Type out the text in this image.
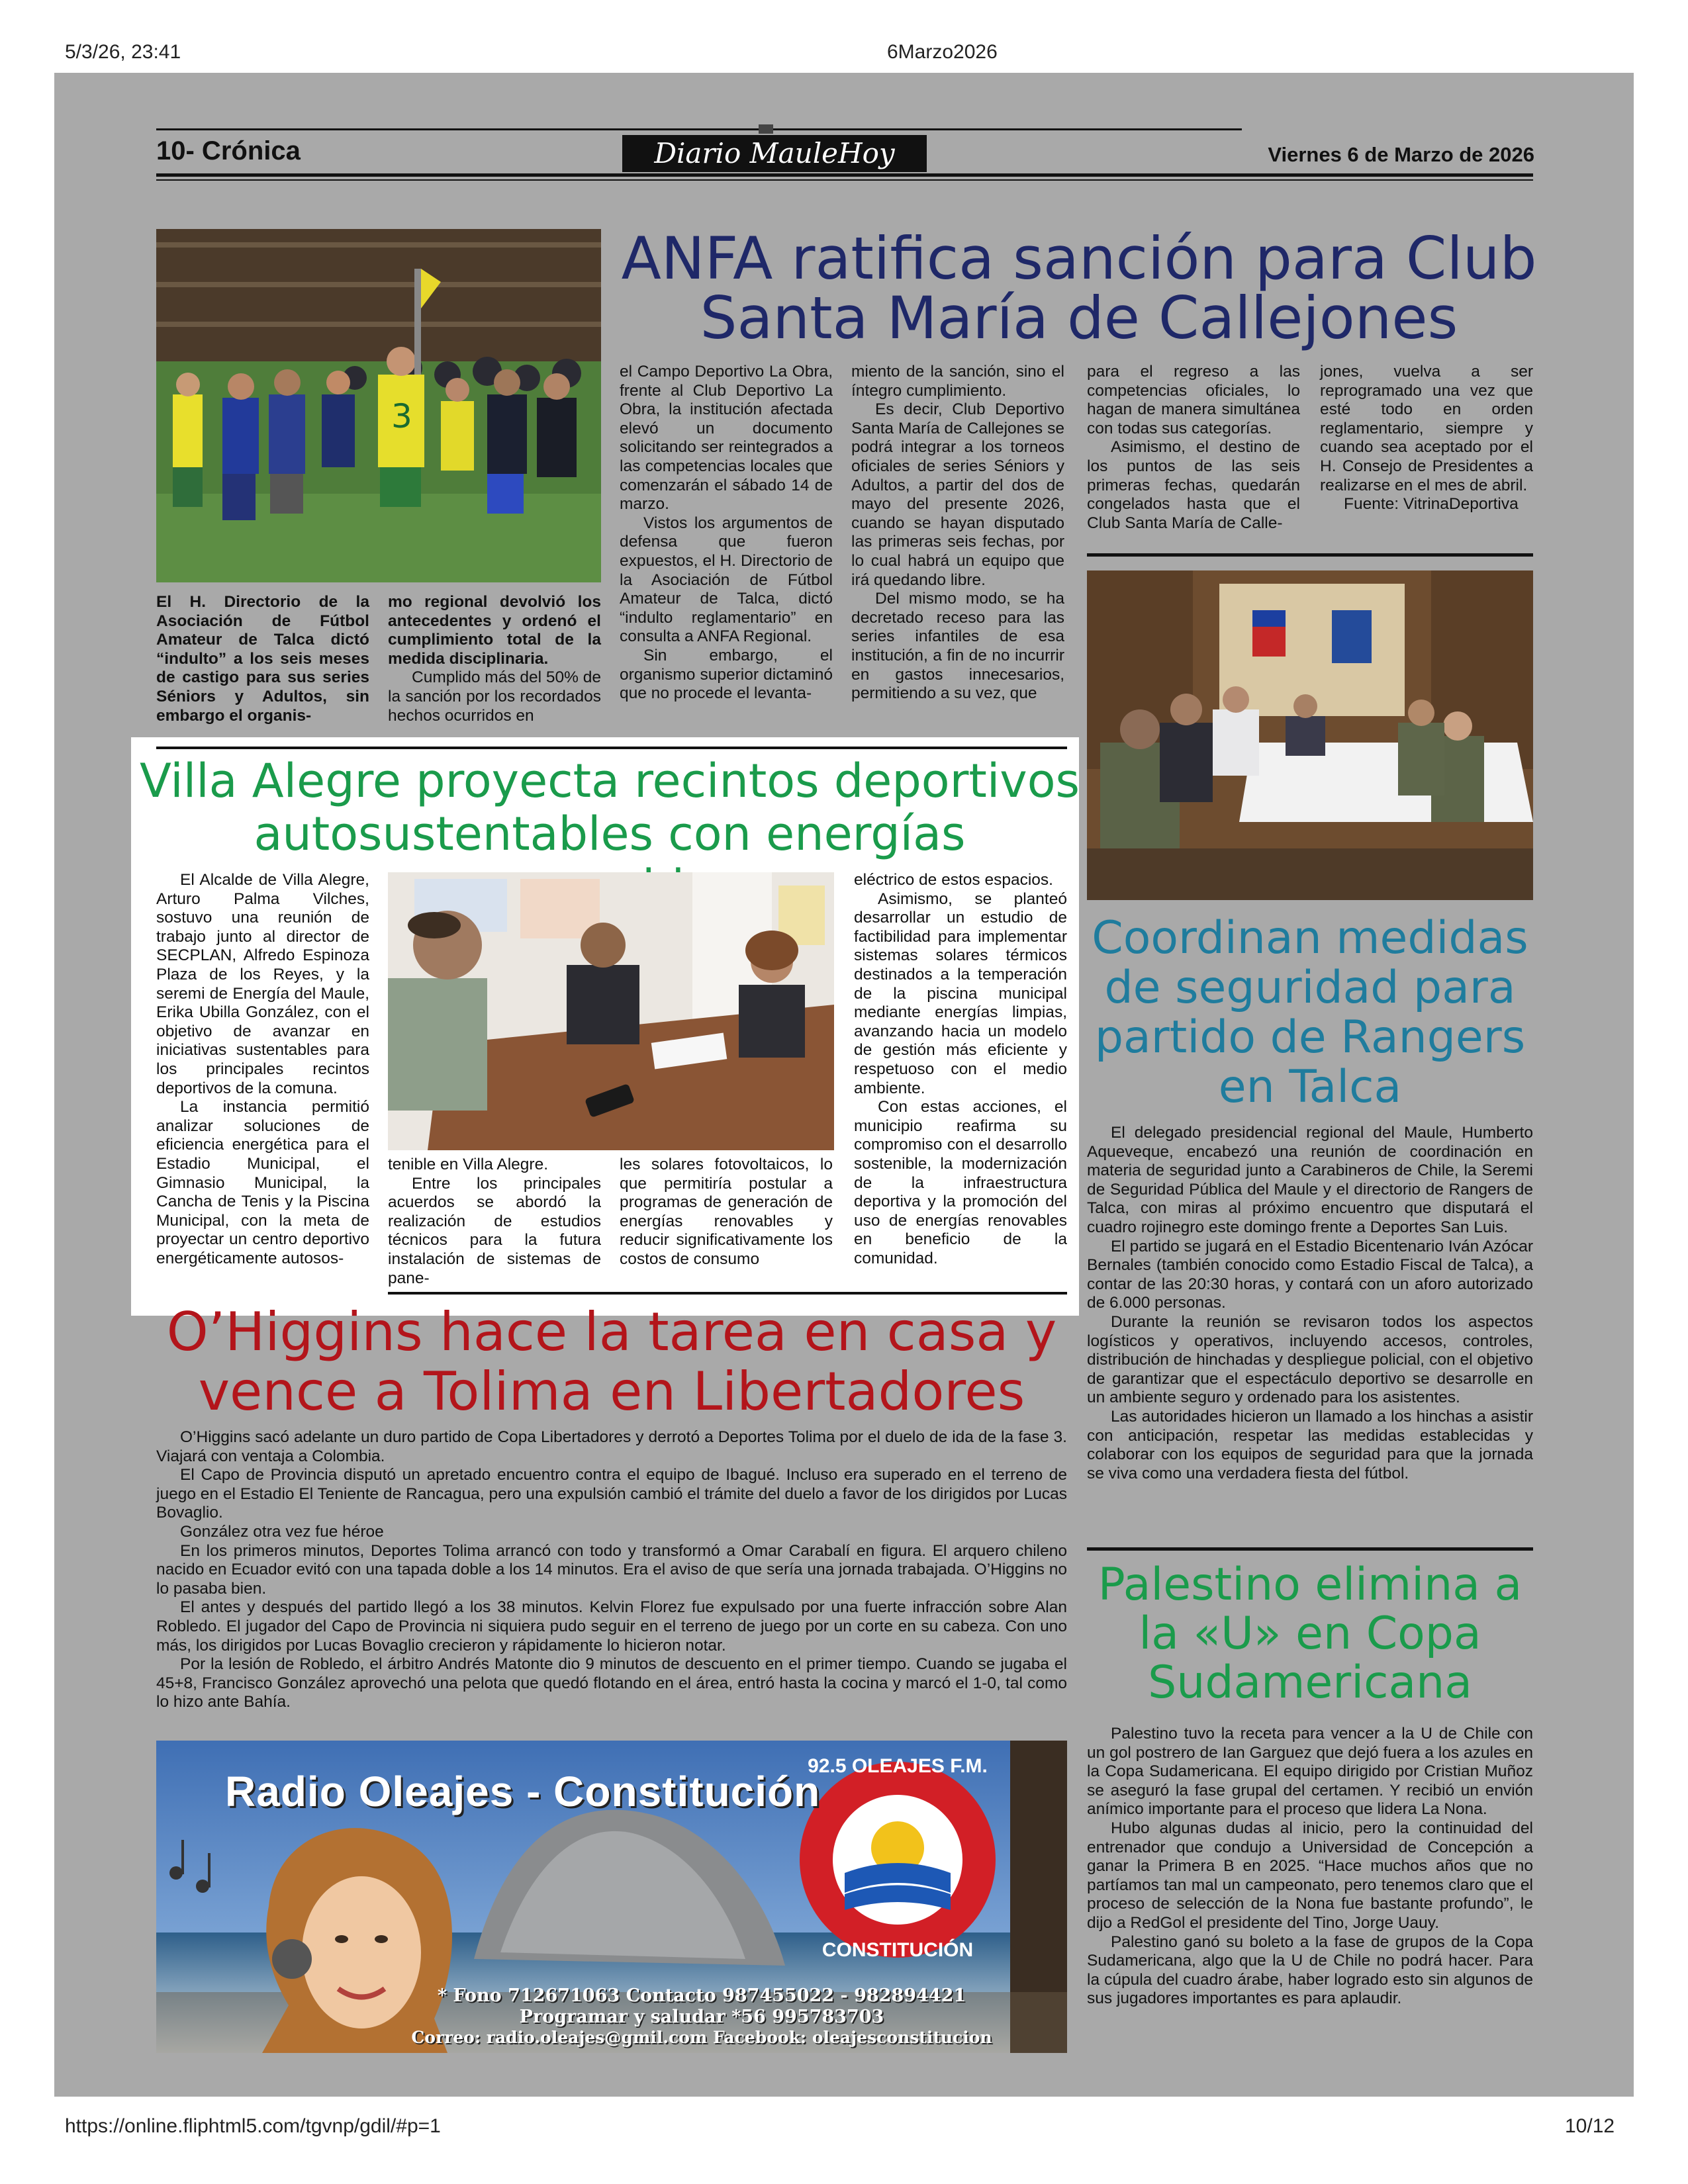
5/3/26, 23:41	6Marzo2026
https://online.fliphtml5.com/tgvnp/gdil/#p=1	10/12
10- Crónica	Diario MauleHoy	Viernes 6 de Marzo de 2026
3
ANFA ratifica sanción para Club
Santa María de Callejones
El H. Directorio de la Asociación de Fútbol Amateur de Talca dictó “indulto” a los seis meses de castigo para sus series Séniors y Adultos, sin embargo el organis-
mo regional devolvió los antecedentes y ordenó el cumplimiento total de la medida disciplinaria.

Cumplido más del 50% de la sanción por los recordados hechos ocurridos en

el Campo Deportivo La Obra, frente al Club Deportivo La Obra, la institución afectada elevó un documento solicitando ser reintegrados a las competencias locales que comenzarán el sábado 14 de marzo.

Vistos los argumentos de defensa que fueron expuestos, el H. Directorio de la Asociación de Fútbol Amateur de Talca, dictó “indulto reglamentario” en consulta a ANFA Regional.

Sin embargo, el organismo superior dictaminó que no procede el levanta-

miento de la sanción, sino el íntegro cumplimiento.

Es decir, Club Deportivo Santa María de Callejones se podrá integrar a los torneos oficiales de series Séniors y Adultos, a partir del dos de mayo del presente 2026, cuando se hayan disputado las primeras seis fechas, por lo cual habrá un equipo que irá quedando libre.

Del mismo modo, se ha decretado receso para las series infantiles de esa institución, a fin de no incurrir en gastos innecesarios, permitiendo a su vez, que

para el regreso a las competencias oficiales, lo hagan de manera simultánea con todas sus categorías.

Asimismo, el destino de los puntos de las seis primeras fechas, quedarán congelados hasta que el Club Santa María de Calle-

jones, vuelva a ser reprogramado una vez que esté todo en orden reglamentario, siempre y cuando sea aceptado por el H. Consejo de Presidentes a realizarse en el mes de abril.

Fuente: VitrinaDeportiva

Coordinan medidas
de seguridad para
partido de Rangers
en Talca

El delegado presidencial regional del Maule, Humberto Aqueveque, encabezó una reunión de coordinación en materia de seguridad junto a Carabineros de Chile, la Seremi de Seguridad Pública del Maule y el directorio de Rangers de Talca, con miras al próximo encuentro que disputará el cuadro rojinegro este domingo frente a Deportes San Luis.

El partido se jugará en el Estadio Bicentenario Iván Azócar Bernales (también conocido como Estadio Fiscal de Talca), a contar de las 20:30 horas, y contará con un aforo autorizado de 6.000 personas.

Durante la reunión se revisaron todos los aspectos logísticos y operativos, incluyendo accesos, controles, distribución de hinchadas y despliegue policial, con el objetivo de garantizar que el espectáculo deportivo se desarrolle en un ambiente seguro y ordenado para los asistentes.

Las autoridades hicieron un llamado a los hinchas a asistir con anticipación, respetar las medidas establecidas y colaborar con los equipos de seguridad para que la jornada se viva como una verdadera fiesta del fútbol.

Palestino elimina a
la «U» en Copa
Sudamericana

Palestino tuvo la receta para vencer a la U de Chile con un gol postrero de Ian Garguez que dejó fuera a los azules en la Copa Sudamericana. El equipo dirigido por Cristian Muñoz se aseguró la fase grupal del certamen. Y recibió un envión anímico importante para el proceso que lidera La Nona.

Hubo algunas dudas al inicio, pero la continuidad del entrenador que condujo a Universidad de Concepción a ganar la Primera B en 2025. “Hace muchos años que no partíamos tan mal un campeonato, pero tenemos claro que el proceso de selección de la Nona fue bastante profundo”, le dijo a RedGol el presidente del Tino, Jorge Uauy.

Palestino ganó su boleto a la fase de grupos de la Copa Sudamericana, algo que la U de Chile no podrá hacer. Para la cúpula del cuadro árabe, haber logrado esto sin algunos de sus jugadores importantes es para aplaudir.

Villa Alegre proyecta recintos deportivos
autosustentables con energías

El Alcalde de Villa Alegre, Arturo Palma Vilches, sostuvo una reunión de trabajo junto al director de SECPLAN, Alfredo Espinoza Plaza de los Reyes, y la seremi de Energía del Maule, Erika Ubilla González, con el objetivo de avanzar en iniciativas sustentables para los principales recintos deportivos de la comuna.

La instancia permitió analizar soluciones de eficiencia energética para el Estadio Municipal, el Gimnasio Municipal, la Cancha de Tenis y la Piscina Municipal, con la meta de proyectar un centro deportivo energéticamente autosos-

tenible en Villa Alegre.

Entre los principales acuerdos se abordó la realización de estudios técnicos para la futura instalación de sistemas de pane-

les solares fotovoltaicos, lo que permitiría postular a programas de generación de energías renovables y reducir significativamente los costos de consumo
eléctrico de estos espacios.

Asimismo, se planteó desarrollar un estudio de factibilidad para implementar sistemas solares térmicos destinados a la temperación de la piscina municipal mediante energías limpias, avanzando hacia un modelo de gestión más eficiente y respetuoso con el medio ambiente.

Con estas acciones, el municipio reafirma su compromiso con el desarrollo sostenible, la modernización de la infraestructura deportiva y la promoción del uso de energías renovables en beneficio de la comunidad.

O’Higgins hace la tarea en casa y
vence a Tolima en Libertadores

O’Higgins sacó adelante un duro partido de Copa Libertadores y derrotó a Deportes Tolima por el duelo de ida de la fase 3. Viajará con ventaja a Colombia.

El Capo de Provincia disputó un apretado encuentro contra el equipo de Ibagué. Incluso era superado en el terreno de juego en el Estadio El Teniente de Rancagua, pero una expulsión cambió el trámite del duelo a favor de los dirigidos por Lucas Bovaglio.

González otra vez fue héroe

En los primeros minutos, Deportes Tolima arrancó con todo y transformó a Omar Carabalí en figura. El arquero chileno nacido en Ecuador evitó con una tapada doble a los 14 minutos. Era el aviso de que sería una jornada trabajada. O’Higgins no lo pasaba bien.

El antes y después del partido llegó a los 38 minutos. Kelvin Florez fue expulsado por una fuerte infracción sobre Alan Robledo. El jugador del Capo de Provincia ni siquiera pudo seguir en el terreno de juego por un corte en su cabeza. Con uno más, los dirigidos por Lucas Bovaglio crecieron y rápidamente lo hicieron notar.

Por la lesión de Robledo, el árbitro Andrés Matonte dio 9 minutos de descuento en el primer tiempo. Cuando se jugaba el 45+8, Francisco González aprovechó una pelota que quedó flotando en el área, entró hasta la cocina y marcó el 1-0, tal como lo hizo ante Bahía.

Radio Oleajes - Constitución
92.5 OLEAJES F.M.
CONSTITUCIÓN
* Fono 712671063 Contacto 987455022 - 982894421
Programar y saludar *56 995783703
Correo: radio.oleajes@gmil.com Facebook: oleajesconstitucion
